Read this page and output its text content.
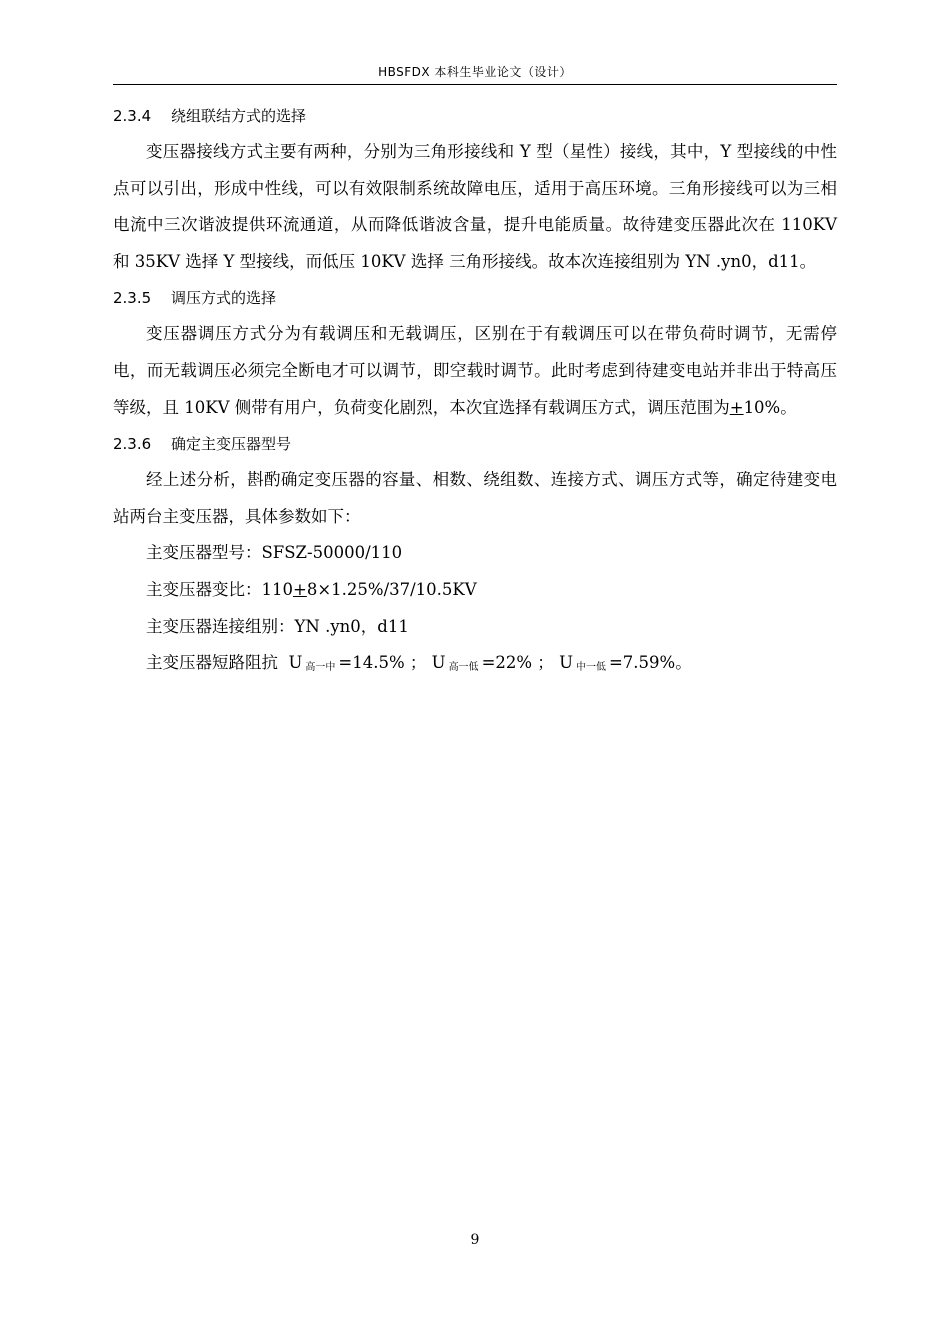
HBSFDX 本科生毕业论文（设计）
2.3.4 绕组联结方式的选择

变压器接线方式主要有两种，分别为三角形接线和 Y 型（星性）接线，其中，Y 型接线的中性点可以引出，形成中性线，可以有效限制系统故障电压，适用于高压环境。三角形接线可以为三相电流中三次谐波提供环流通道，从而降低谐波含量，提升电能质量。故待建变压器此次在 110KV 和 35KV 选择 Y 型接线，而低压 10KV 选择 三角形接线。故本次连接组别为 YN .yn0，d11。

2.3.5 调压方式的选择

变压器调压方式分为有载调压和无载调压，区别在于有载调压可以在带负荷时调节，无需停电，而无载调压必须完全断电才可以调节，即空载时调节。此时考虑到待建变电站并非出于特高压等级，且 10KV 侧带有用户，负荷变化剧烈，本次宜选择有载调压方式，调压范围为+10%。

2.3.6 确定主变压器型号

经上述分析，斟酌确定变压器的容量、相数、绕组数、连接方式、调压方式等，确定待建变电站两台主变压器，具体参数如下：

主变压器型号：SFSZ-50000/110

主变压器变比：110+8×1.25%/37/10.5KV

主变压器连接组别：YN .yn0，d11

主变压器短路阻抗 U $_{高一中}$ =14.5% ； U $_{高一低}$ =22% ； U $_{中一低}$ =7.59%。

9
